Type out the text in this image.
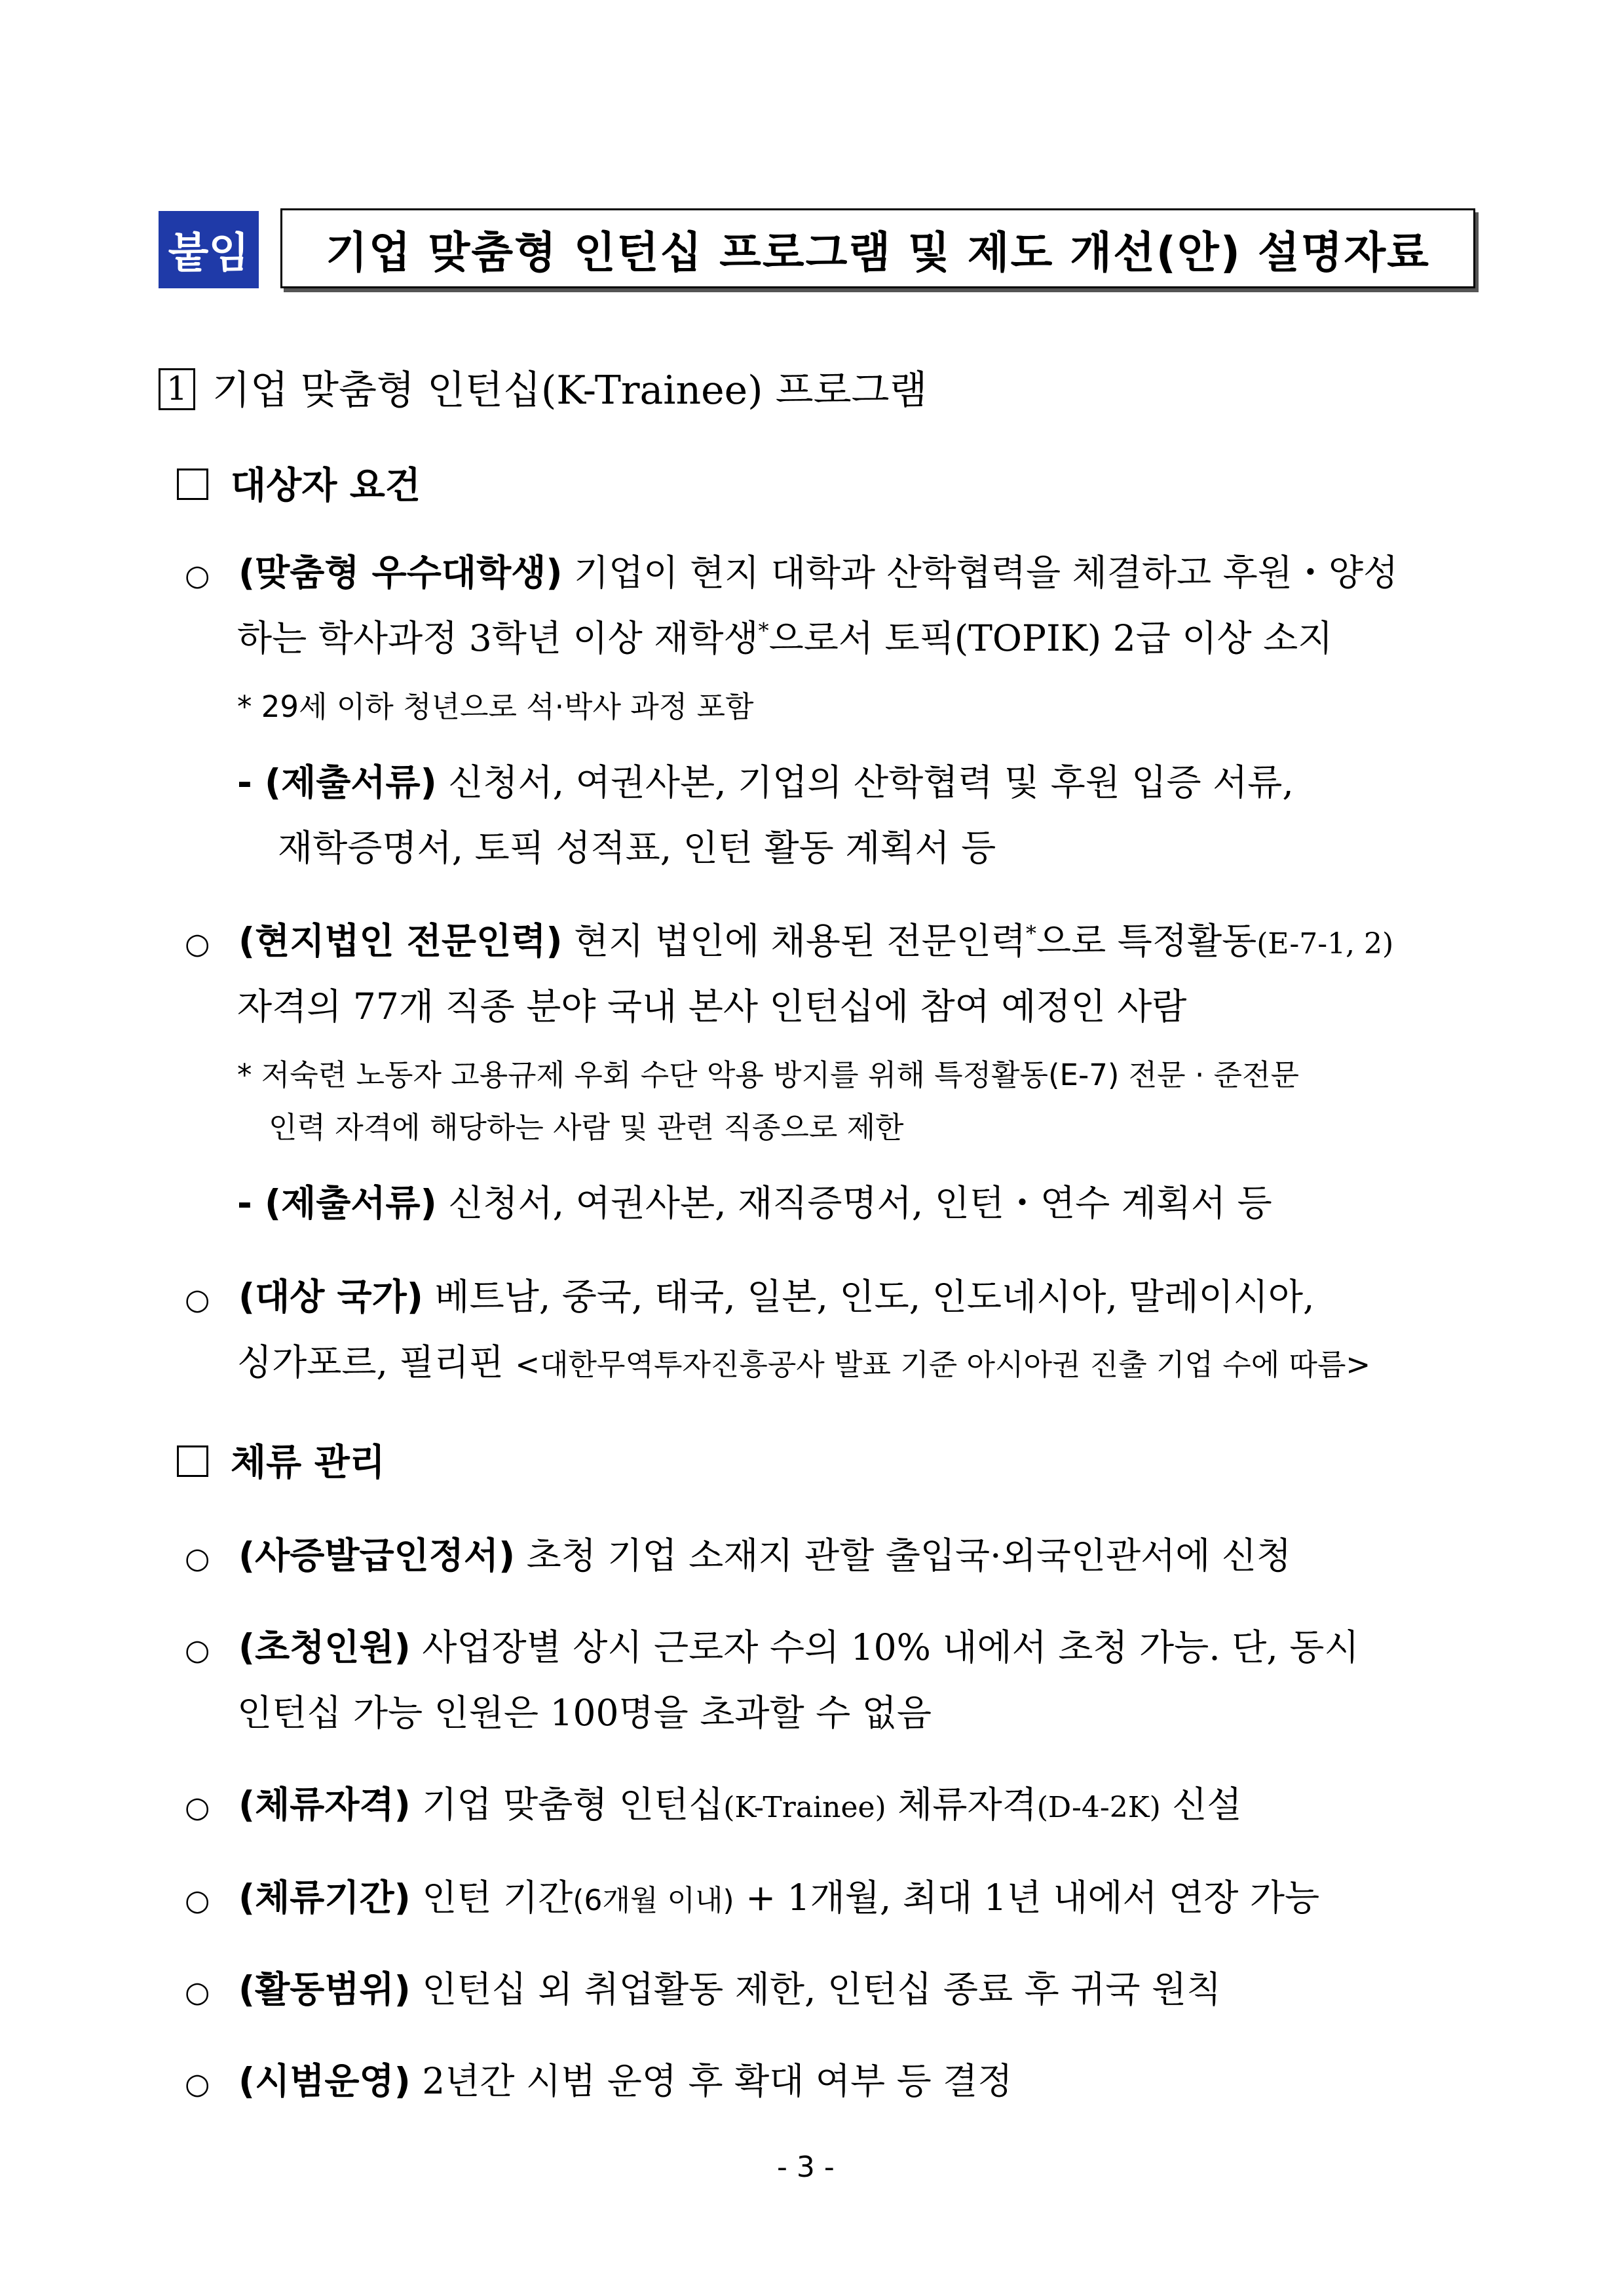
붙임	기업 맞춤형 인턴십 프로그램 및 제도 개선(안) 설명자료
1 기업 맞춤형 인턴십(K-Trainee) 프로그램
대상자 요건
○ (맞춤형 우수대학생) 기업이 현지 대학과 산학협력을 체결하고 후원・양성
하는 학사과정 3학년 이상 재학생*으로서 토픽(TOPIK) 2급 이상 소지
* 29세 이하 청년으로 석·박사 과정 포함
- (제출서류) 신청서, 여권사본, 기업의 산학협력 및 후원 입증 서류,
재학증명서, 토픽 성적표, 인턴 활동 계획서 등
○ (현지법인 전문인력) 현지 법인에 채용된 전문인력*으로 특정활동(E-7-1, 2)
자격의 77개 직종 분야 국내 본사 인턴십에 참여 예정인 사람
* 저숙련 노동자 고용규제 우회 수단 악용 방지를 위해 특정활동(E-7) 전문 · 준전문
인력 자격에 해당하는 사람 및 관련 직종으로 제한
- (제출서류) 신청서, 여권사본, 재직증명서, 인턴・연수 계획서 등
○ (대상 국가) 베트남, 중국, 태국, 일본, 인도, 인도네시아, 말레이시아,
싱가포르, 필리핀 <대한무역투자진흥공사 발표 기준 아시아권 진출 기업 수에 따름>
체류 관리
○ (사증발급인정서) 초청 기업 소재지 관할 출입국·외국인관서에 신청
○ (초청인원) 사업장별 상시 근로자 수의 10% 내에서 초청 가능. 단, 동시
인턴십 가능 인원은 100명을 초과할 수 없음
○ (체류자격) 기업 맞춤형 인턴십(K-Trainee) 체류자격(D-4-2K) 신설
○ (체류기간) 인턴 기간(6개월 이내) + 1개월, 최대 1년 내에서 연장 가능
○ (활동범위) 인턴십 외 취업활동 제한, 인턴십 종료 후 귀국 원칙
○ (시범운영) 2년간 시범 운영 후 확대 여부 등 결정
- 3 -
